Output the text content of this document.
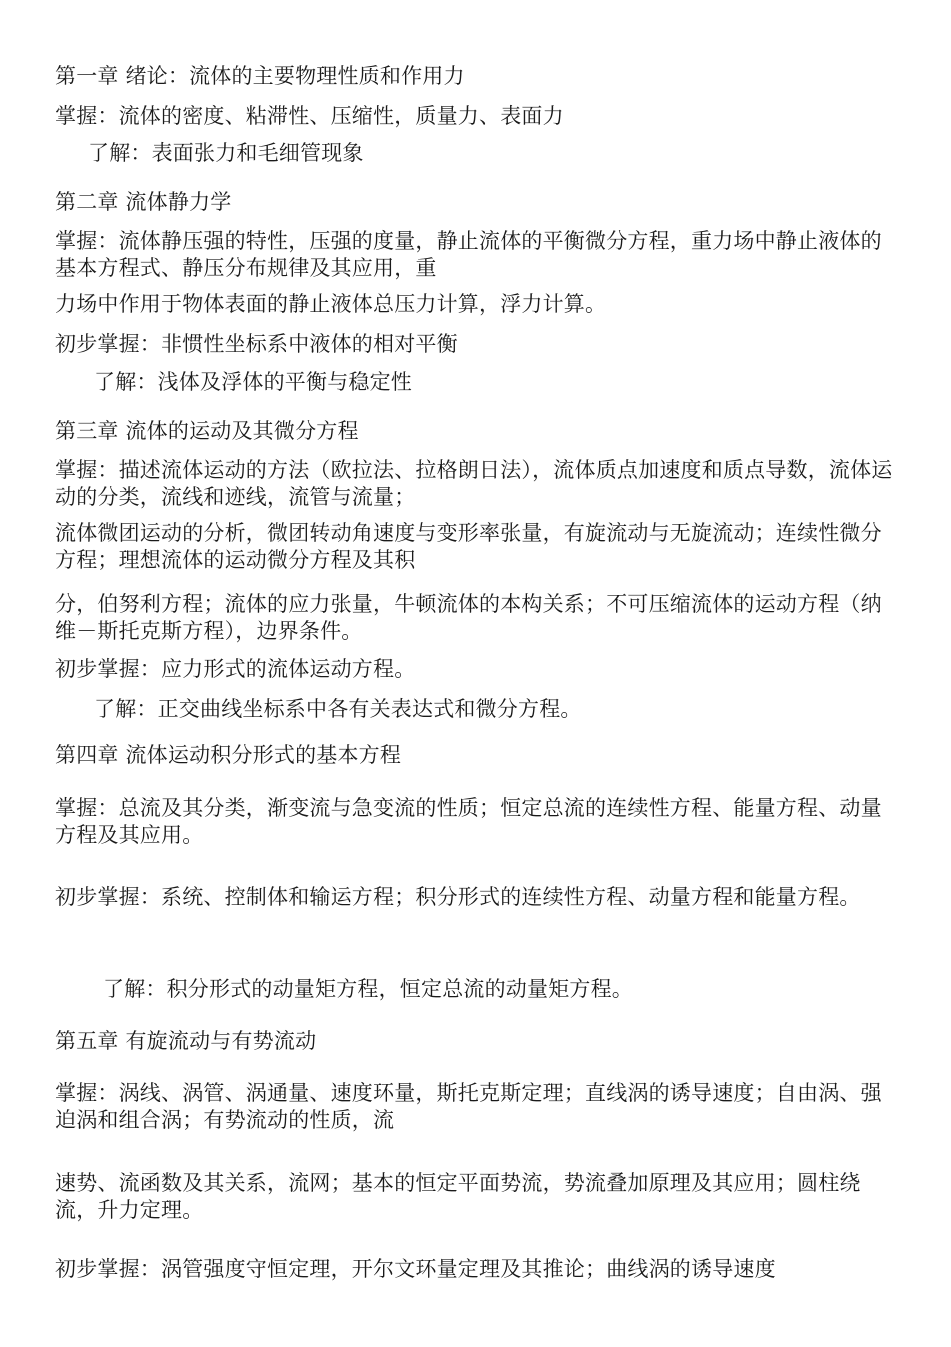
第一章 绪论：流体的主要物理性质和作用力
掌握：流体的密度、粘滞性、压缩性，质量力、表面力
了解：表面张力和毛细管现象
第二章 流体静力学
掌握：流体静压强的特性，压强的度量，静止流体的平衡微分方程，重力场中静止液体的基本方程式、静压分布规律及其应用，重
力场中作用于物体表面的静止液体总压力计算，浮力计算。
初步掌握：非惯性坐标系中液体的相对平衡
了解：浅体及浮体的平衡与稳定性
第三章 流体的运动及其微分方程
掌握：描述流体运动的方法（欧拉法、拉格朗日法），流体质点加速度和质点导数，流体运动的分类，流线和迹线，流管与流量；
流体微团运动的分析，微团转动角速度与变形率张量，有旋流动与无旋流动；连续性微分方程；理想流体的运动微分方程及其积
分，伯努利方程；流体的应力张量，牛顿流体的本构关系；不可压缩流体的运动方程（纳维－斯托克斯方程），边界条件。
初步掌握：应力形式的流体运动方程。
了解：正交曲线坐标系中各有关表达式和微分方程。
第四章 流体运动积分形式的基本方程
掌握：总流及其分类，渐变流与急变流的性质；恒定总流的连续性方程、能量方程、动量方程及其应用。
初步掌握：系统、控制体和输运方程；积分形式的连续性方程、动量方程和能量方程。
了解：积分形式的动量矩方程，恒定总流的动量矩方程。
第五章 有旋流动与有势流动
掌握：涡线、涡管、涡通量、速度环量，斯托克斯定理；直线涡的诱导速度；自由涡、强迫涡和组合涡；有势流动的性质，流
速势、流函数及其关系，流网；基本的恒定平面势流，势流叠加原理及其应用；圆柱绕流，升力定理。
初步掌握：涡管强度守恒定理，开尔文环量定理及其推论；曲线涡的诱导速度
